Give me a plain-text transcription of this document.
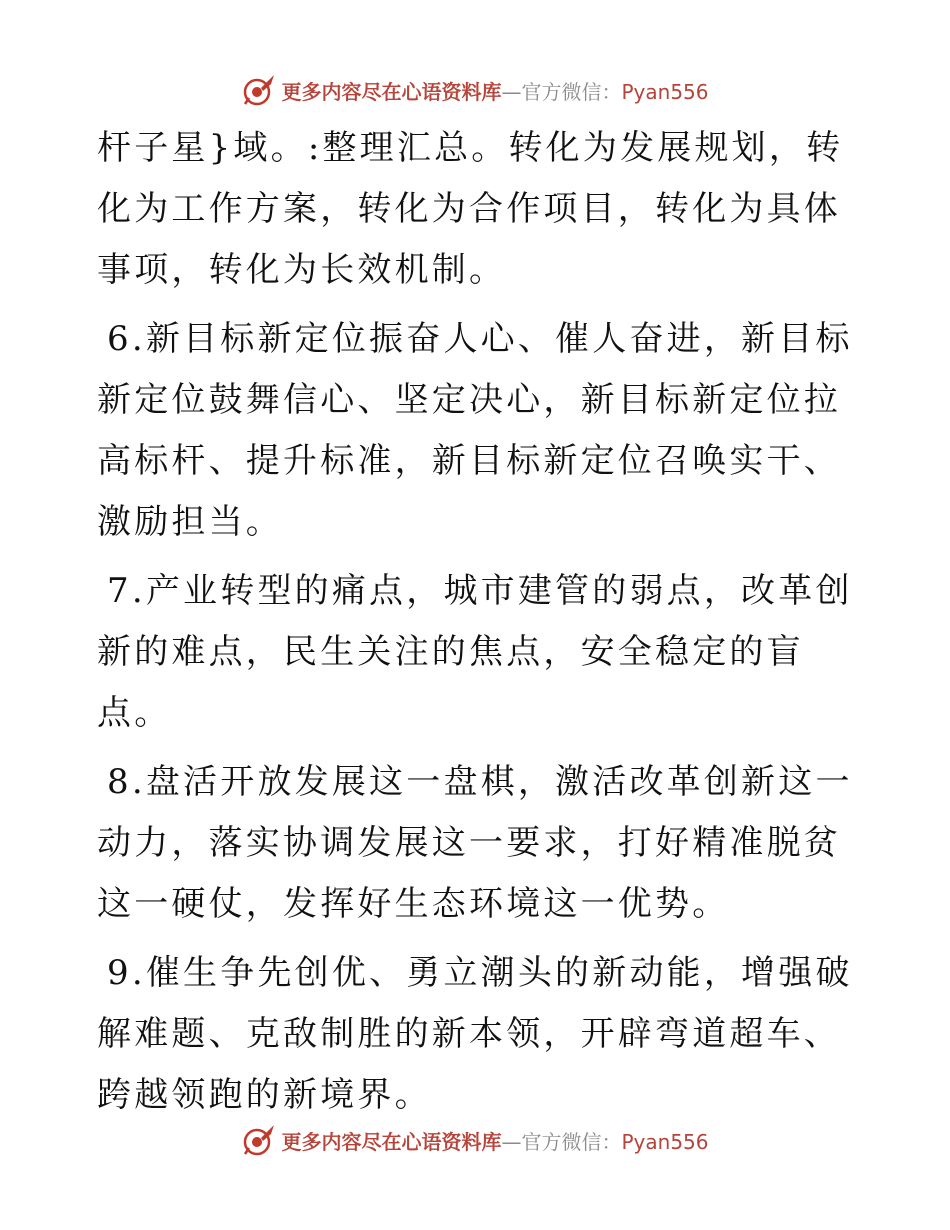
更多内容尽在心语资料库—官方微信：Pyan556

杆子星}域。:整理汇总。转化为发展规划，转化为工作方案，转化为合作项目，转化为具体事项，转化为长效机制。

6.新目标新定位振奋人心、催人奋进，新目标新定位鼓舞信心、坚定决心，新目标新定位拉高标杆、提升标准，新目标新定位召唤实干、激励担当。

7.产业转型的痛点，城市建管的弱点，改革创新的难点，民生关注的焦点，安全稳定的盲点。

8.盘活开放发展这一盘棋，激活改革创新这一动力，落实协调发展这一要求，打好精准脱贫这一硬仗，发挥好生态环境这一优势。

9.催生争先创优、勇立潮头的新动能，增强破解难题、克敌制胜的新本领，开辟弯道超车、跨越领跑的新境界。

更多内容尽在心语资料库—官方微信：Pyan556
